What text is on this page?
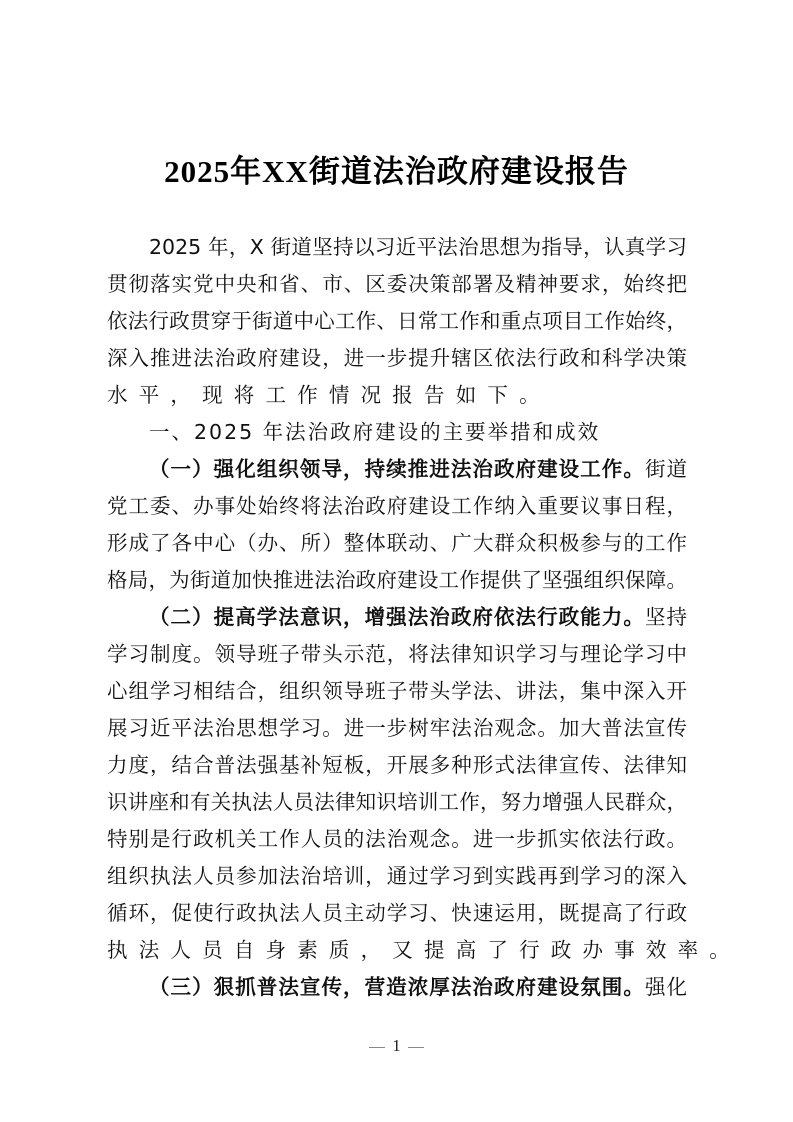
2025年XX街道法治政府建设报告
2025 年，X 街道坚持以习近平法治思想为指导，认真学习
贯彻落实党中央和省、市、区委决策部署及精神要求，始终把
依法行政贯穿于街道中心工作、日常工作和重点项目工作始终，
深入推进法治政府建设，进一步提升辖区依法行政和科学决策
水平，现将工作情况报告如下。
一、2025 年法治政府建设的主要举措和成效
（一）强化组织领导，持续推进法治政府建设工作。街道
党工委、办事处始终将法治政府建设工作纳入重要议事日程，
形成了各中心（办、所）整体联动、广大群众积极参与的工作
格局，为街道加快推进法治政府建设工作提供了坚强组织保障。
（二）提高学法意识，增强法治政府依法行政能力。坚持
学习制度。领导班子带头示范，将法律知识学习与理论学习中
心组学习相结合，组织领导班子带头学法、讲法，集中深入开
展习近平法治思想学习。进一步树牢法治观念。加大普法宣传
力度，结合普法强基补短板，开展多种形式法律宣传、法律知
识讲座和有关执法人员法律知识培训工作，努力增强人民群众，
特别是行政机关工作人员的法治观念。进一步抓实依法行政。
组织执法人员参加法治培训，通过学习到实践再到学习的深入
循环，促使行政执法人员主动学习、快速运用，既提高了行政
执法人员自身素质，又提高了行政办事效率。
（三）狠抓普法宣传，营造浓厚法治政府建设氛围。强化
1
